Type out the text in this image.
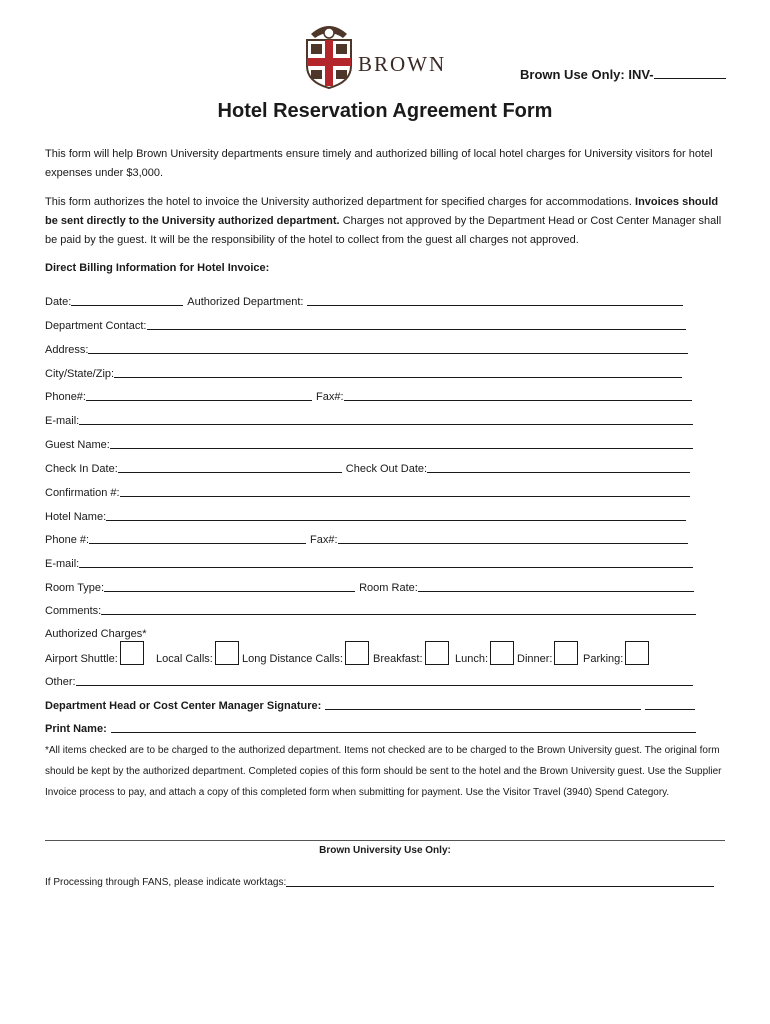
BROWN	Brown Use Only: INV-
Hotel Reservation Agreement Form
This form will help Brown University departments ensure timely and authorized billing of local hotel charges for University visitors for hotel expenses under $3,000.
This form authorizes the hotel to invoice the University authorized department for specified charges for accommodations. Invoices should be sent directly to the University authorized department. Charges not approved by the Department Head or Cost Center Manager shall be paid by the guest. It will be the responsibility of the hotel to collect from the guest all charges not approved.
Direct Billing Information for Hotel Invoice:
Date:	Authorized Department:
Department Contact:
Address:
City/State/Zip:
Phone#:	Fax#:
E-mail:
Guest Name:
Check In Date:	Check Out Date:
Confirmation #:
Hotel Name:
Phone #:	Fax#:
E-mail:
Room Type:	Room Rate:
Comments:
Authorized Charges*
Airport Shuttle:	Local Calls:	Long Distance Calls:	Breakfast:	Lunch:	Dinner:	Parking:
Other:
Department Head or Cost Center Manager Signature:
Print Name:
*All items checked are to be charged to the authorized department. Items not checked are to be charged to the Brown University guest. The original form should be kept by the authorized department. Completed copies of this form should be sent to the hotel and the Brown University guest. Use the Supplier Invoice process to pay, and attach a copy of this completed form when submitting for payment. Use the Visitor Travel (3940) Spend Category.
Brown University Use Only:
If Processing through FANS, please indicate worktags:
